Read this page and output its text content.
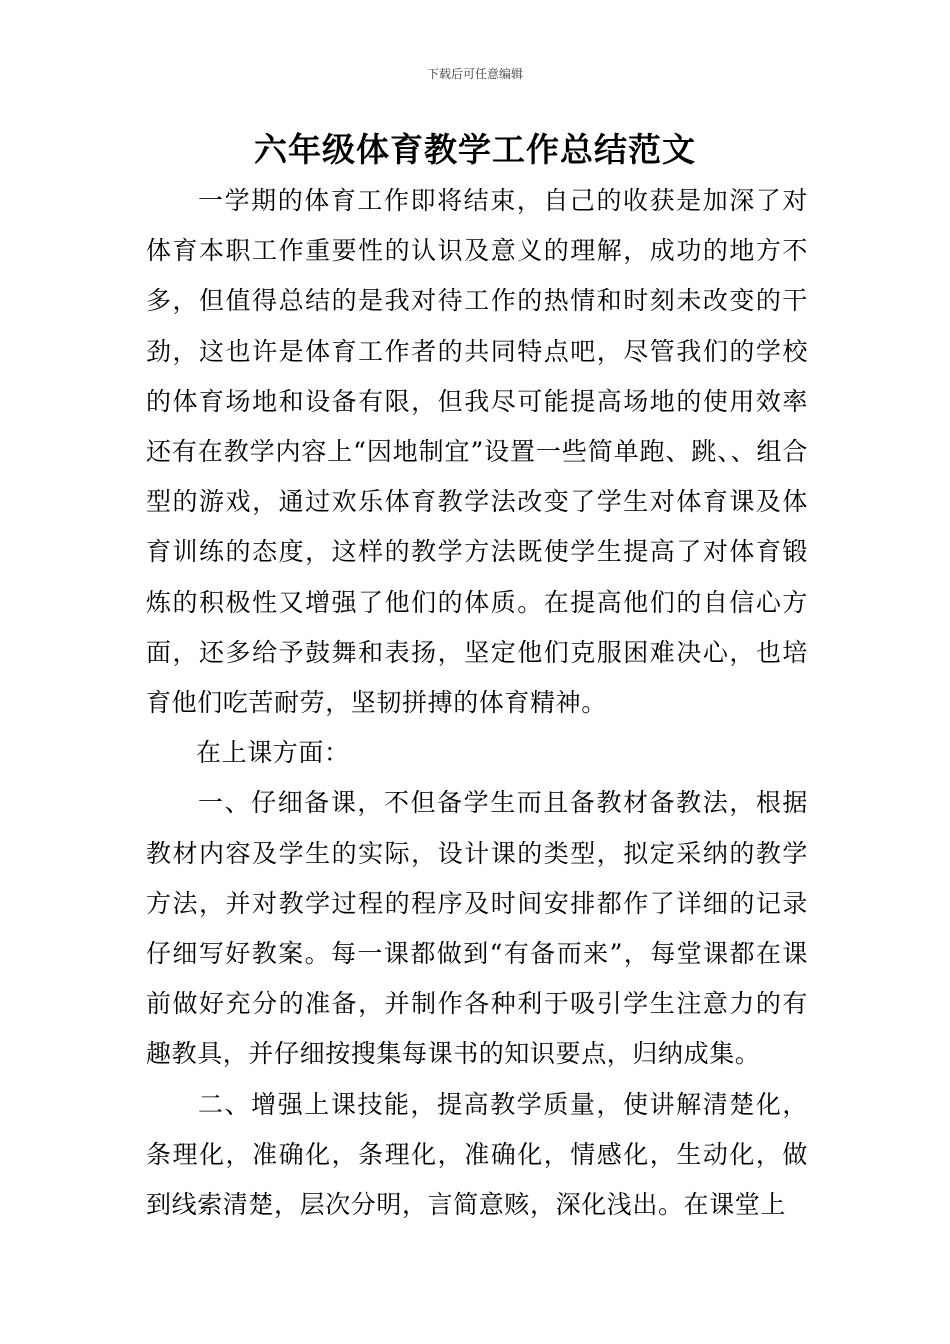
下载后可任意编辑
六年级体育教学工作总结范文

一学期的体育工作即将结束，自己的收获是加深了对体育本职工作重要性的认识及意义的理解，成功的地方不多，但值得总结的是我对待工作的热情和时刻未改变的干劲，这也许是体育工作者的共同特点吧，尽管我们的学校的体育场地和设备有限，但我尽可能提高场地的使用效率还有在教学内容上“因地制宜”设置一些简单跑、跳、、组合型的游戏，通过欢乐体育教学法改变了学生对体育课及体育训练的态度，这样的教学方法既使学生提高了对体育锻炼的积极性又增强了他们的体质。在提高他们的自信心方面，还多给予鼓舞和表扬，坚定他们克服困难决心，也培育他们吃苦耐劳，坚韧拼搏的体育精神。

在上课方面：

一、仔细备课，不但备学生而且备教材备教法，根据教材内容及学生的实际，设计课的类型，拟定采纳的教学方法，并对教学过程的程序及时间安排都作了详细的记录仔细写好教案。每一课都做到“有备而来”，每堂课都在课前做好充分的准备，并制作各种利于吸引学生注意力的有趣教具，并仔细按搜集每课书的知识要点，归纳成集。

二、增强上课技能，提高教学质量，使讲解清楚化，条理化，准确化，条理化，准确化，情感化，生动化，做到线索清楚，层次分明，言简意赅，深化浅出。在课堂上
